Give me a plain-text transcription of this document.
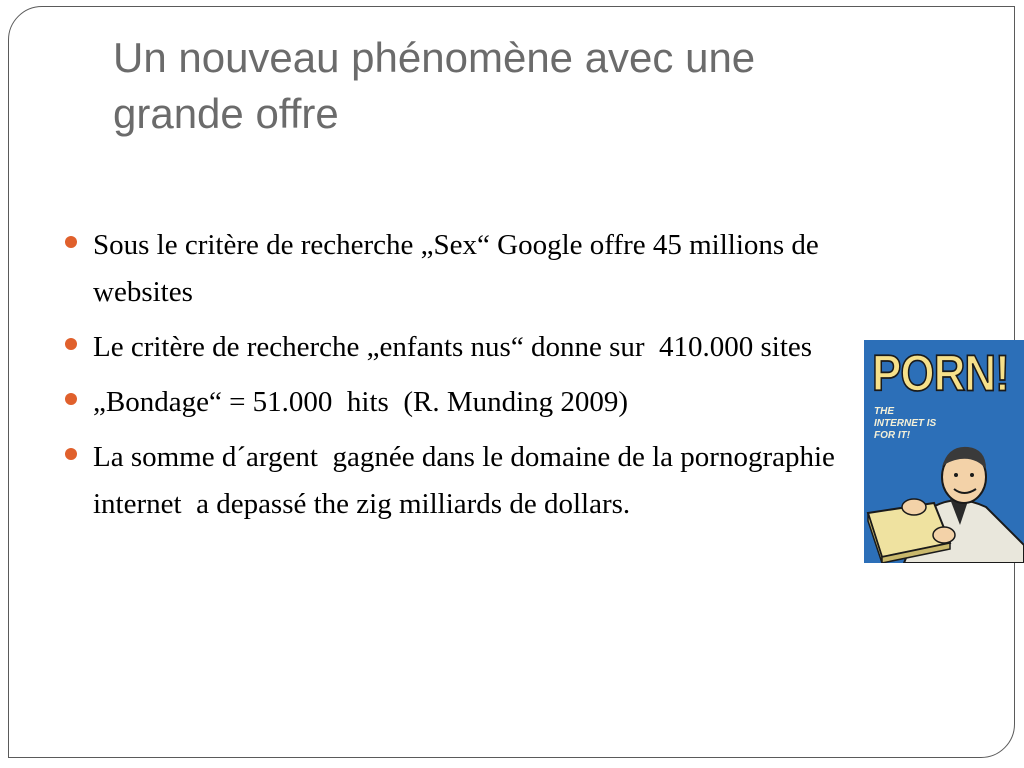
Un nouveau phénomène avec une grande offre
Sous le critère de recherche „Sex“ Google offre 45 millions de websites
Le critère de recherche „enfants nus“ donne sur  410.000 sites
„Bondage“ = 51.000  hits  (R. Munding 2009)
La somme d´argent  gagnée dans le domaine de la pornographie internet  a depassé the zig milliards de dollars.
PORN!
THE INTERNET IS FOR IT!
